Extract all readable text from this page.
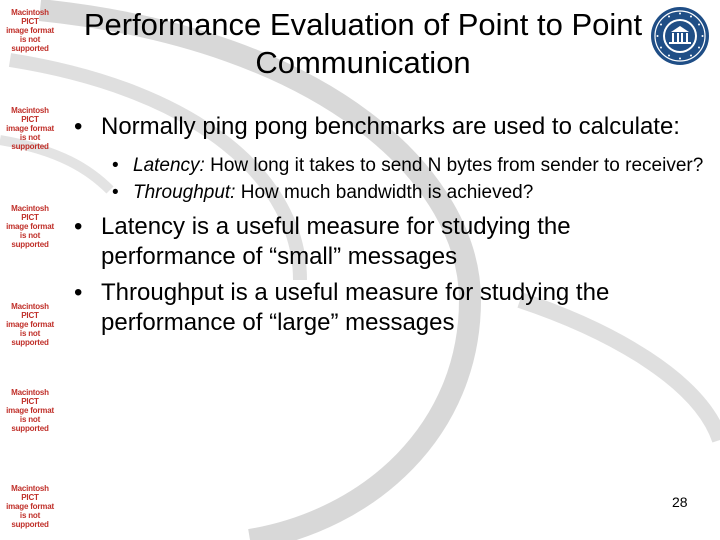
Macintosh PICT
image format
is not supported
Macintosh PICT
image format
is not supported
Macintosh PICT
image format
is not supported
Macintosh PICT
image format
is not supported
Macintosh PICT
image format
is not supported
Macintosh PICT
image format
is not supported
Performance Evaluation of Point to Point Communication

• Normally ping pong benchmarks are used to calculate:

• Latency: How long it takes to send N bytes from sender to receiver?

• Throughput: How much bandwidth is achieved?

• Latency is a useful measure for studying the performance of “small” messages

• Throughput is a useful measure for studying the performance of “large” messages

28
